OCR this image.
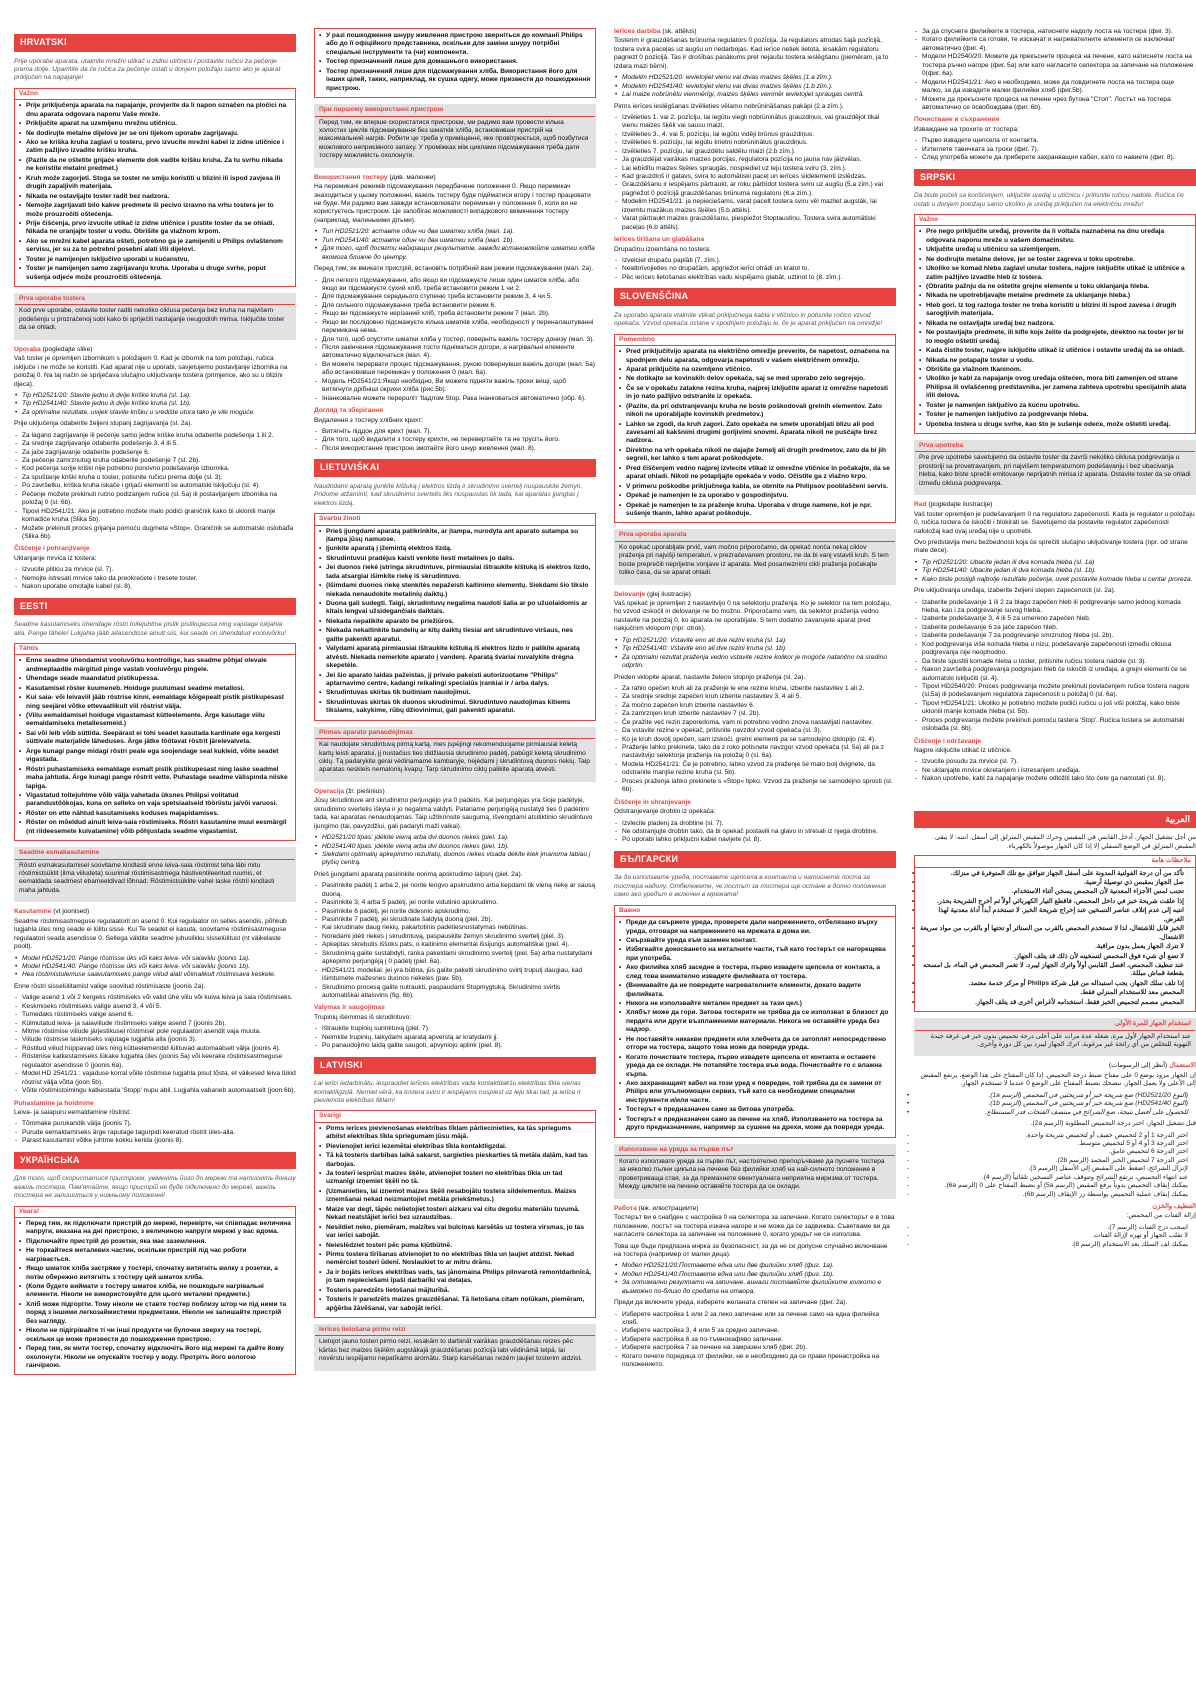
HRVATSKI

Prije uporabe aparata, utaknite mrežni utikač u zidnu utičnicu i postavite ručicu za pečenje prema dolje. Upamtite da će ručica za pečenje ostati u donjem položaju samo ako je aparat priključen na napajanje!

Važno
• Prije priključenja aparata na napajanje, provjerite da li napon označen na pločici na dnu aparata odgovara naponu Vaše mreže.
• Priključite aparat na uzemljenu mrežnu utičnicu.
• Ne dodirujte metalne dijelove jer se oni tijekom uporabe zagrijavaju.
• Ako se kriška kruha zaglavi u tosteru, prvo izvucite mrežni kabel iz zidne utičnice i zatim pažljivo izvadite krišku kruha.
• (Pazite da ne oštetite grijaće elemente dok vadite krišku kruha. Za tu svrhu nikada ne koristite metalni predmet.)
• Kruh može zagorjeti. Stoga se toster ne smiju koristiti u blizini ili ispod zavjesa ili drugih zapaljivih materijala.
• Nikada ne ostavljajte toster radit bez nadzora.
• Nemojte zagrijavati bilo kakve predmete ili pecivo izravno na vrhu tostera jer to može prouzročiti oštećenja.
• Prije čišćenja, prvo izvucite utikač iz zidne utičnice i pustite toster da se ohladi. Nikada ne uranjajte toster u vodu. Obrišite ga vlažnom krpom.
• Ako se mrežni kabel aparata ošteti, potrebno ga je zamijeniti u Philips ovlaštenom servisu, jer su za to potrebni posebni alati i/ili dijelovi.
• Toster je namijenjen isključivo uporabi u kućanstvu.
• Toster je namijenjen samo zagrijavanju kruha. Uporaba u druge svrhe, poput sušenja odjeće može prouzročiti oštećenja.
Prva uporaba tostera

Kod prve uporabe, ostavite toster raditi nekoliko ciklusa pečenja bez kruha na najvišem podešenju u prozračenoj sobi kako bi spriječili nastajanje neugodnih mirisa. Isključite toster da se ohladi.

Uporaba (pogledajte slike)

Vaš toster je opremljen izbornikom s položajem 0. Kad je izbornik na tom položaju, ručica isključe i ne može se koristiti. Kad aparat nije u uporabi, savjetujemo postavljanje izbornika na položaj 0. Na taj način se spriječava slučajno uključivanje tostera (primjerice, ako su u blizini djeca).

• Tip HD2521/20: Stavite jednu ili dvije kriške kruha (sl. 1a).
• Tip HD2541/40: Stavite jednu ili dvije kriške kruha (sl. 1b).
• Za optimalne rezultate, uvijek stavite krišku u središte utora tako je vile moguće.

Prije uključenja odaberite željeni stupanj zagrijavanja (sl. 2a).

- Za lagano zagrijavanje ili pečenje samo jedne kriške kruha odaberite podešenja 1 ili 2.
- Za srednje zagrijavanje odaberite podešenje 3, 4 ili 5.
- Za jače zagrijavanje odaberite podešenje 6.
- Za pečenje zamrznutog kruha odaberite podešenje 7 (sl. 2b).
- Kod pečenja sorije kriški nije potrebno ponovno podešavanje izbornika.
- Za spuštanje kriški kruha u toster, potisnite ručicu prema dolje (sl. 3).
- Po završetku, kriška kruha iskače i grijaći elementi se automatski isključuju (sl. 4).
- Pečenje možete prekinuti ručno podizanjem ručice (sl. 5a) ili postavljanjem izbornika na položaj 0 (sl. 6b).
- Tipovi HD2541/21: Ako je potrebno možete malo podići graničnik kako bi uklonili manje komadiće kruha (Slika 5b).
- Možete prekinuti proces grijanja pomoću dugmeta »Stop«. Graničnik se automatski oslobađa (Slika 6b).
Čišćenje i pohranjivanje

Uklanjanje mrvica iz tostera:

- Izvucite pliticu za mrvice (sl. 7).
- Nemojte istresati mrvice tako da preokrećete i tresete toster.
- Nakon uporabe omotajte kabel (sl. 8).
EESTI

Seadme kasutamiseks ühendage röstri toitejuhtme pistik pistikupessa ning vajutage lukjahla alla. Pange tähele! Lukjahla jääb allasendisse ainult siis, kui seade on ühendatud vooluvõrku!

Tähtis
• Enne seadme ühendamist vooluvõrku kontrollige, kas seadme põhjal olevale andmeplaadile märgitud pinge vastab vooluvõrgu pingele.
• Ühendage seade maandatud pistikupessa.
• Kasutamisel röster kuumeneb. Hoiduge puutumast seadme metallosi.
• Kui saia- või leivaviil jääb röstrise kinni, eemaldage kõigepealt pistik pistikupesast ning seejärel võtke ettevaatlikult viil röstrist välja.
• (Viilu eemaldamisel hoiduge vigastamast küttеelemente. Ärge kasutage viilu eemaldamiseks metallesemeid.)
• Sai või leib võib süttida. Seepärast ei tohi seadet kasutada kardinate ega kergesti süttivate materjalide läheduses. Ärge jätke töötavat röstrit järelevalveta.
• Ärge kunagi pange midagi röstri peale ega soojendage seal kukleid, võite seadet vigastada.
• Röstri puhastamiseks eemaldage esmalt pistik pistikupesast ning laske seadmel maha jahtuda. Ärge kunagi pange röstrit vette. Puhastage seadme välispinda niiske lapiga.
• Vigastatud toitejuhtme võib välja vahetada üksnes Philipsi volitatud parandustöökojas, kuna on selleks on vaja spetsiaalseid tööriistu ja/või varuosi.
• Röster on ette nähtud kasutamiseks koduses majapidamises.
• Röster on mõeldud ainult leiva-saia röstimiseks. Röstri kasutamine muul eesmärgil (nt riideesemete kuivatamine) võib põhjustada seadme vigastamist.
Seadme esmakasutamine

Röstri esmakasutamisel soovitame kindlasti enne leiva-saia röstimist teha läbi mitu röstimistsüklit (ilma viiludeta) suurimal röstimisastmega hästiventileeritud ruumis, et eemaldada seadmest ebameeldivad lõhnad. Röstimistsüklite vahel laske röstril kindlasti maha jahtuda.

Kasutamine (vt joonised)

Seadme röstimisastmeguse regulaatoril on asend 0. Kui regulaator on selles asendis, põhkub lugjahla üles ning seade ei lülitu sisse. Kui Te seadet ei kasuta, soovitame röstimisastmeguse regulaatori seada asendisse 0. Sellega väldite seadme juhuslikku sisselülitust (nt väikelaste poolt).

• Model HD2521/20: Pange röstrisse üks või kaks leiva- või saiaviilu (joonis 1a).
• Model HD2541/40: Pange röstrisse üks või kaks leiva- või saiaviilu (joonis 1b).
• Hea röstimistulemuse saavutamiseks pange viilud alati võimalikult röstimisava keskele.

Enne röstri sisselülitamist valige soovitud röstimisaste (joonis 2a).

- Valige asend 1 või 2 kergeks röstimiseks või valid ühe viilu või kuiva leiva ja saia röstimiseks.
- Keskmiseks röstimiseks valige asend 3, 4 või 5.
- Tumedaks röstimiseks valige asend 6.
- Külmutatud leiva- ja saiaviilude röstimiseks valige asend 7 (joonis 2b).
- Mitme röstimise viilude järjestikusel röstimisel pole regulaatori asendit vaja muuta.
- Viilude röstrisse laskmiseks vajutage lugjahla alla (joonis 3).
- Röstitud viilud hüppavad üles ning küttеelemendid lülituvad automaatselt välja (joonis 4).
- Röstimise katkestamiseks lükake lugjahla üles (joonis 5a) või keerake röstimisastmeguse regulaator asendisse 0 (joonis 6a).
- Model HD 2541/21 : vajaduse korral võite röstimise lugjahla pisut tõsta, et väikesed leiva tükid röstrist välja võtta (joon 5b).
- Võite röstimistoimingu katkestada 'Stopp' nupu abil. Lugjahla vabaneb automaatselt (joon 6b).
Puhastamine ja hoidmine

Leiva- ja saiapuru eemaldamine röstrist:

- Tõmmake purukandik välja (joonis 7).
- Purude eemaldamiseks ärge raputage tagurpidi keeratud röstrit üles-alla.
- Parast kasutamist võtke juhtme kokku kerida (joonis 8).
УКРАЇНСЬКА

Для того, щоб скористатися пристроєм, увімкніть його до мережі та натисніть донизу важіль тостера. Пам'ятайте, якщо пристрій не буде підключено до мережі, важіль тостера не залишиться у нижньому положенні!

Увага!
• Перед тим, як підключати пристрій до мережі, перевірте, чи співпадає величина напруги, вказана на дні пристрою, з величиною напруги мережі у вас вдома.
• Підключайте пристрій до розетки, яка має заземлення.
• Не торкайтеся металевих частин, оскільки пристрій під час роботи нагрівається.
• Якщо шматок хліба застряже у тостері, спочатку витягніть вилку з розетки, а потім обережно витягніть з тостеру цей шматок хліба.
• (Коли будете виймати з тостеру шматок хліба, не пошкодьте нагрівальні елементи. Ніколи не використовуйте для цього металеві предмети.)
• Хліб може підгоріти. Тому ніколи не ставте тостер поблизу штор чи під ними та поряд з іншими легкозаймистими предметами. Ніколи не залишайте пристрій без нагляду.
• Ніколи не підігрівайте ті чи інші продукти чи булочки зверху на тостері, оскільки це може призвести до пошкодження пристрою.
• Перед тим, як мити тостер, спочатку відключіть його від мережі та дайте йому охолонути. Ніколи не опускайте тостер у воду. Протріть його вологою ганчіркою.
• У разі пошкодження шнуру живлення пристрою зверніться до компанії Philips або до її офіційного представника, оскільки для заміни шнуру потрібні спеціальні інструменти та (чи) компоненти.
• Тостер призначений лише для домашнього використання.
• Тостер призначений лише для підсмажування хліба. Використання його для інших цілей, таких, наприклад, як сушка одягу, може призвести до пошкодження пристрою.
При першому використанні пристрою

Перед тим, як вперше скористатися пристроєм, ми радимо вам провести кілька холостих циклів підсмажування без шматків хліба, встановивши пристрій на максимальний нагрів. Робити це треба у приміщенні, яке провітрюється, щоб позбутися можливого неприємного запаху. У проміжках між циклами підсмажування треба дати тостеру можливість охолонути.

Використання тостеру (див. малюнки)

На перемикачі режимів підсмажування передбачене положення 0. Якщо перемикач знаходиться у цьому положенні, важіль тостеру буде підйматися вгору і тостер працювати не буде. Ми радимо вам завжди встановлювати перемикач у положення 0, коли ви не користуєтесь пристроєм. Це запобігає можливості випадкового ввімкнення тостеру (наприклад, маленькими дітьми).

• Тип HD2521/20: вставте один чи два шматки хліба (мал. 1a).
• Тип HD2541/40: вставте один чи два шматки хліба (мал. 1b).
• Для того, щоб досягти найкращих результатів, завжди встановлюйте шматки хліба якомога ближче до центру.

Перед тим, як вмикати пристрій, встановіть потрібний вам режим підсмажування (мал. 2a).

- Для легкого підсмажування, або якщо ви підсмажуєте лише один шматок хліба, або якщо ви підсмажуєте сухий хліб, треба встановити режим 1 чи 2.
- Для підсмажування середнього ступеню треба встановити режим 3, 4 чи 5.
- Для сильного підсмажування треба встановити режим 6.
- Якщо ви підсмажуєте нерізаний хліб, треба встановити режим 7 (мал. 2b).
- Якщо ви послідовно підсмажуєте кілька шматків хліба, необхідності у переналаштуванні перемикача нема.
- Для того, щоб опустити шматки хліба у тостер, поверніть важіль тостеру донизу (мал. 3).
- Після закінчення підсмажування тости підніматься догори, а нагрівальні елементи автоматично відключаться (мал. 4).
- Ви можете перервати процес підсмажування, рукою повернувши важіль догори (мал. 5a) або встановивши перемикач у положення 0 (мал. 6a).
- Модель HD2541/21:Якщо необхідно, Ви можете підняти важіль трохи вищі, щоб витягнути дрібніші окрихи хліба (рис.5b).
- Ініанковалне можете перерuліт 'tlaдлом Stop. Рака інанковаться автоматично (обр. 6).
Догляд та зберігання

Видалення з тостеру хлібних крихт:

- Витягніть піддон для крихт (мал. 7).
- Для того, щоб видалити з тостеру крихти, не перевертайте та не трусіть його.
- Після використання пристрою змотайте його шнур живлення (мал. 8).
LIETUVIŠKAI

Naudodami aparatą įjunkite kištuką į elektros lizdą ir skrudinimo svertelį nuspauskite žemyn. Pridome atžamintí, kad skrudinimo svertelis liks nuspaustas tik tada, kai aparatas įjungtas į elektros lizdą.

Svarbu žinoti
• Prieš įjungdami aparatą patikrinkite, ar įtampa, nurodyta ant aparato sutampa su įtampa jūsų namuose.
• Įjunkite aparatą į įžemintą elektros lizdą.
• Skrudintuvui pradėjus kaisti venkite liesti metalines jo dalis.
• Jei duonos riekė įstringa skrudintuve, pirmiausiai ištraukite kištuką iš elektros lizdo, tada atsargiai išimkite riekę iš skrudintuvo.
• (Išimdami duonos riekę stenkitės nepažeisti kaitinimo elementų. Siekdami šio tikslo niekada nenaudokite metalinių daiktų.)
• Duona gali sudegti. Taigi, skrudintuvų negalima naudoti šalia ar po užuolaidomis ar kitais lengvai užsidegančiais daiktais.
• Niekada nepalikite aparato be priežiūros.
• Niekada nekaitinkite bandelių ar kitų daiktų tiesiai ant skrudintuvo viršaus, nes galite pakenkti aparatui.
• Valydami aparatą pirmiausiai ištraukite kištuką iš elektros lizdo ir palikite aparatą atvėsti. Niekada nemerkite aparato į vandenį. Aparatą švariai nuvalykite drėgna skepetėle.
• Jei šio aparato laidas pažeistas, jį privalo pakeisti autorizuotame "Philips" aptarnavimo centre, kadangi reikalingi specialūs įrankiai ir / arba dalys.
• Skrudintuvas skirtas tik buitiniam naudojimui.
• Skrudintuvas skirtas tik duonos skrudinimui. Skrudintuvo naudojimas kitiems tikslams, sakykime, rūbų džiovinimui, gali pakenkti aparatui.
Pirmas aparato panaudojimas

Kai naudojate skrudintuvą pirmą kartą, mes įspėjingi rekomenduojame pirmiausiai keletą kartų leisti aparatui, jį nustačius ties didžiausia skrudinimo padėtį, pabūgti keletą skrudinimo ciklų. Tą padarykite gerai vėdinamame kambaryje, nejėdami į skrudintuvą duonos riekių. Taip aparatas neskleis nemalonių kvapų. Tarp skrudinimo ciklų palikite aparatą atvėsti.

Operacija (žr. piešinius)

Jūsų skrudintuve ant skrudinimo perjungėjo yra 0 padėtis. Kai perjungėjas yra šioje padėtyje, skrudinimo svertelis iškyla ir jo negalima valdyti. Patariame perjungėją nustatyti ties 0 padėtimi tada, kai aparatas nenaudojamas. Taip užtikrinsite saugumą, išvengdami atsitiktinio skrudintuvo ijungimo (tai, pavyzdžiui, gali padaryti maži vaikai).

• HD2521/20 tipas: įdėkite vieną arba dvi duonos riekes (piel. 1a).
• HD2541/40 tipas: įdėkite vieną arba dvi duonos riekes (piel. 1b).
• Siekdami optimalių apkepinimo rezultatų, duonos riekes visada dėkite kiek įmanoma labiau į plyšių centrą.

Prieš įjungdami aparatą pasirinkite norimą apskrudimo lalpsnį (piel. 2a).

- Pasirinkite padėtį 1 arba 2, jei norite lengvo apskrudimo arba kepdami tik vieną riekę ar sausą duoną.
- Pasirinkite 3, 4 arba 5 padėtį, jei norite vidutinio apskrudimo.
- Pasirinkite 6 padėtį, jei norite didesnio apskrudimo.
- Pasirinkite 7 padėtį, jei skrudinate šaldytą duoną (piel. 2b).
- Kai skrudinate daug riekių, pakartotinis padėtiesnustatymas nebūtinas.
- Norėdami įdėti riekes į skrudintuvą, paspauskite žemyn skrudinimo svertelį (piel. 3).
- Apkeptas skrebutis iššoks pats, o kaitinimo elementai išsijungs automatiškai (piel. 4).
- Skrudinimą galite sustabdyti, ranka pakeldami skrudinimo svertelį (piel. 5a) arba nustatydami apkepimo perjungėją į 0 padėtį (piel. 6a).
- HD2541/21 modeliai: jei yra būtina, jūs galite pakelti skrudinimo svirtį truputį daugiau, kad išimtumėte mažesnes duonos riekeles (pav. 5b).
- Skrudinimo procesą galite nutraukti, paspaudami Stopmygtuką. Skrudinimo svirtis automatiškai atlaisvins (fig. 6b).
Valymas ir saugojimas

Trupinių išėmimas iš skrudintuvo:

- Ištraukite trupinių surinktuvą (piel. 7).
- Neimkite trupinių, laikydami aparatą apverstą ar kratydami jį.
- Po panaudojimo laidą galite saugoti, apvyniojo aplink (piel. 8).
LATVISKI

Lai ierīci iedarbinātu, iespraudiet ierīces elektrības vada kontaktdakšu elektrības tīkla sienas kontaktligzdā. Ņemiet vērā, ka tostera sviru ir iespējams nospiest uz leju tikai tad, ja ierīce ir pievienota elektrības tīklam!

Svarīgi
• Pirms ierīces pievienošanas elektrības tīklam pārliecinieties, ka tās spriegums atbilst elektrības tīkla spriegumam jūsu mājā.
• Pievienojiet ierīci iezemētai elektrības tīkla kontaktligzdai.
• Tā kā tosteris darbības laikā sakarst, sargieties pieskarties tā metāla daļām, kad tas darbojas.
• Ja tosterī iesprūst maizes šķēle, atvienojiet tosteri no elektrības tīkla un tad uzmanīgi izņemiet šķēli no tā.
• (Uzmanieties, lai izņemot maizes šķēli nesabojātu tostera sildelementus. Maizes izņemšanai nekad neizmantojiet metāla priekšmetus.)
• Maize var degt, tāpēc nelietojiet tosteri aizkaru vai citu degošu materiālu tuvumā. Nekad neatstājiet ierīci bez uzraudzības.
• Nesildiet neko, piemēram, maizītes vai bulciņas karsētās uz tostera virsmas, jo tas var ierīci sabojāt.
• Neieslēdziet tosteri pēc puma kļūtbūtnē.
• Pirms tostera tīrīšanas atvienojiet to no elektrības tīkla un ļaujiet atdzist. Nekad nemērciet tosteri ūdenī. Noslaukiet to ar mitru drānu.
• Ja ir bojāts ierīces elektrības vads, tas jānomaina Philips pilnvarotā remontdarbnīcā, jo tam nepieciešami īpaši darbarīki vai detaļas.
• Tosteris paredzēts lietošanai mājturībā.
• Tosteris ir paredzēts maizes grauzdēšanai. Tā lietošana citam nolūkam, piemēram, apģērba žāvēšanai, var sabojāt ierīci.
Ierīces lietošana pirmo reizi

Lietojot jauno tosteri pirmo reizi, iesakām to darbināt vairākas grauzdēšanas reizes pēc kārtas bez maizes šķēlēm augstākajā grauzdēšanas pozīcijā labi vēdināmā telpā, lai novērstu iespējamo nepatīkamo aromātu. Starp karsēšanas reizēm ļaujiet tosterim atdzist.

Ierīces darbība (sk. attēlus)

Tosterim ir grauzdēšanas brūnuma regulators 0 pozīcija. Ja regulators atrodas šajā pozīcijā, tostera svira paceļas uz augšu un nedarbojas. Kad ierīce netiek lietota, iesakām regulatoru pagriezt 0 pozīcijā. Tas ir drošības pasākums pret nejaušu tostera ieslēgšanu (piemēram, ja to izdara mazi bērni).

• Modelim HD2521/20: ievietojiet vienu vai divas maizes šķēles (1.a zīm.).
• Modelim HD2541/40: ievietojiet vienu vai divas maizes šķēles (1.b zīm.).
• Lai maize nobrūnētu vienmērīgi, maizes šķēles vienmēr ievietojiet spraugas centrā.

Pirms ierīces ieslēgšanas izvēlieties vēlamo nobrūnināšanas pakāpi (2.a zīm.).

- Izvēlieties 1. vai 2. pozīciju, lai iegūtu viegli nobrūninātus grauzdiņus, vai grauzdējot tikai vienu maizes šķēli vai sausu maizi.
- Izvēlieties 3., 4. vai 5. pozīciju, lai iegūtu vidēji brūnus grauzdiņus.
- Izvēlieties 6. pozīciju, lai iegūtu krietni nobrūninātus grauzdiņus.
- Izvēlieties 7. pozīciju, lai grauzdētu saldētu maizi (2.b zīm.).
- Ja grauzdējat vairākas maizes porcijas, regulatora pozīcija no jauna nav jāizvēlas.
- Lai iebīdītu maizes šķēles spraugās, nospiediet uz leju tostera sviru (3. zīm.).
- Kad grauzdiņš ir gatavs, svira to automātiski paceļ un ierīces sildelementi izslēdzas.
- Grauzdēšanu ir iespējams pārtraukt, ar roku pārbīdot tostera sviru uz augšu (5.a zīm.) vai pagriežot 0 pozīcijā grauzdēšanas brūnuma regulatoru (6.a zīm.).
- Modelim HD2541/21: ja nepieciešams, varat pacelt tostera sviru vēl mazliet augstāk, lai izņemtu mazākus maizes šķēles (5.b attēls).
- Varat pārtraukt maizes grauzdēšanu, piespiežot Stoptaustiņu. Tostera svira automātiski paceļas (6.b attēls).
Ierīces tīrīšana un glabāšana

Drupačiņu izņemšana no tostera:

- Izvelciet drupaču paplāti (7. zīm.).
- Neatbrīvojieties no drupačām, apgriežot ierīci otrādi un kratot to.
- Pēc ierīces lietošanas elektrības vadu iespējams glabāt, uztinot to (8. zīm.).
SLOVENŠČINA

Za uporabo aparata vtaknite vtikač priključnega kabla v vtičnico in potisnite ročico vzvod opekača. Vzvod opekača ostane v spodnjem položaju le, če je aparat priključen na omrežje!

Pomembno
• Pred priključitvijo aparata na električno omrežje preverite, če napetost, označena na spodnjem delu aparata, odgovarja napetosti v vašem električnem omrežju.
• Aparat priključite na ozemljeno vtičnico.
• Ne dotikajte se kovinskih delov opekača, saj se med uporabo zelo segrejejo.
• Če se v opekaču zatakne rezina kruha, najprej izključite aparat iz omrežne napetosti in jo nato pažljivo odstranite iz opekača.
• (Pazite, da pri odstranjevanju kruha ne boste poškodovali grelnih elementov. Zato nikoli ne uporabljajte kovinskih predmetov.)
• Lahko se zgodi, da kruh zagori. Zato opekača ne smete uporabljati blizu ali pod zavesami ali kakšnimi drugimi gorljivimi snovmi. Aparata nikoli ne puščajte brez nadzora.
• Direktno na vrh opekača nikoli ne dajajte žemelj ali drugih predmetov, zato da bi jih segreli, ker lahko s tem aparat poškodujete.
• Pred čiščenjem vedno najprej izvlecite vtikač iz omrežne vtičnice in počakajte, da se aparat ohladi. Nikoli ne potapljajte opekača v vodo. Očistite ga z vlažno krpo.
• V primeru poškodbe priključnega kabla, se obrnite na Philipsov pooblaščeni servis.
• Opekač je namenjen le za uporabo v gospodinjstvu.
• Opekač je namenjen le za praženje kruha. Uporaba v druge namene, kot je npr. sušenje tkanin, lahko aparat poškoduje.
Prva uporaba aparata

Ko opekač uporabljate prvič, vam močno priporočamo, da opekač nonča nekaj ciklov praženja pri najvišji temperaturi, v prezračevanem prostoru, ne da bi vanj vstavili kruh. S tem boste preprečili neprijetne vonjave iz aparata. Med posameznimi cikli praženja počakajte toliko časa, da se aparat ohladi.

Delovanje (glej ilustracije)

Vaš opekač je opremljen z nastavitvijo 0 na selektorju praženja. Ko je selektor na tem položaju, ho vzvod izskočil in delovanje ne bo možno. Priporočamo vam, da selektor praženja vedno nastavite na položaj 0, ko aparata ne uporabljate. S tem dodatno zavarujete aparat pred nakjučnim vklopom (npr. otrok).

• Tip HD2521/20: Vstavite eno ali dve rezini kruha (sl. 1a).
• Tip HD2541/40: Vstavite eno ali dve rezini kruha (sl. 1b).
• Za optimalni rezultat praženja vedno vstavite rezine kolikor je mogoče natančno na sredino odprtin.

Preden vklopite aparat, nastavite želeno stopnjo praženja (sl. 2a).

- Za rahlo opečen kruh ali za praženje le ene rezine kruha, izberite nastavitev 1 ali 2.
- Za srednje srednje zapečen kruh izberite nastavitev 3, 4 ali 5.
- Za močno zapečen kruh izberite nastavitev 6.
- Za zamrznjen kruh izberite nastavitev 7 (sl. 2b).
- Če pražite več rezin zaporedoma, vam ni potrebno vedno znova nastavljati nastavitev.
- Da vstavite rezine v opekač, pritisnite navzdol vzvod opekača (sl. 3).
- Ko je kruh dovolj opečen, sam izskoči, grelni elementi pa se samodejno izklopijo (sl. 4).
- Praženje lahko prekinete, tako da z roko potisnete navzgor vzvod opekača (sl. 5a) ali pa z nastavitvijo selektorja praženja na položaj 0 (sl. 6a).
- Modela HD2541/21: Če je potrebno, lahko vzvod za praženje še malo bolj dvignete, da odstranite manjše rezine kruha (sl. 5b).
- Proces praženja lahko prekinete s »Stop« tipko. Vzvod za praženje se samodejno sprosti (sl. 6b).
Čiščenje in shranjevanje

Odstranjevanje drobtin iz opekača:

- Izvlecite pladenj za drobtine (sl. 7).
- Ne odstranjujte drobtin tako, da bi opekač postavili na glavo in stresali iz njega drobtine.
- Po uporabi lahko priključni kabel navijete (sl. 8).
БЪЛГАРСКИ

За да използвате уреда, поставете щепсела в контакта и натиснете лоста за тостера надолу. Отбележете, че лостът за тостера ще остане в долно положение само ако уредът е включен в мрежата!

Важно
• Преди да свържете уреда, проверете дали напрежението, отбелязано върху уреда, отговаря на напрежението на мрежата в дома ви.
• Свързвайте уреда към заземен контакт.
• Избягвайте докосването на металните части, тъй като тостерът се нагорещява при употреба.
• Ако филийка хляб заседне в тостера, първо извадете щепсела от контакта, а след това внимателно извадете филийката от тостера.
• (Внимавайте да не повредите нагревателните елементи, докато вадите филийката.
• Никога не използвайте метален предмет за тази цел.)
• Хлябът може да гори. Затова тостерите не трябва да се използват в близост до пердета или други възпламеними материали. Никога не оставяйте уреда без надзор.
• Не поставяйте никакви предмети или хлебчета да се затоплят непосредствено отгоре на тостера, защото това може да повреди уреда.
• Когато почиствате тостера, първо извадете щепсела от контакта и оставете уреда да се охлади. Не потапяйте тостера във вода. Почиствайте го с влажна кърпа.
• Ако захранващият кабел на този уред е повреден, той трябва да се замени от Philips или упълномощен сервиз, тъй като са необходими специални инструменти и/или части.
• Тостерът е предназначен само за битова употреба.
• Тостерът е предназначен само за печене на хляб. Използването на тостера за друго предназначение, например за сушене на дрехи, може да повреди уреда.
Използване на уреда за първи път

Когато използвате уреда за първи път, настоятелно препоръчваме да пуснете тостера за няколко пълни цикъла на печене без филийки хляб на най-силното положение в проветриваща стая, за да премахнете евентуалната неприятна миризма от тостера. Между циклите на печене оставяйте тостера да се охлади.

Работа (вж. илюстрациите)

Тостерът ви е снабден с настройка 0 на селектора за запичане. Когато селекторът е в това положение, лостът на тостера изкача нагоре и не може да се задвижва. Съветваме ви да нагласите селектора за запичане на положение 0, когато уредът не се използва.

Това ще бъде предпазна мярка за безопасност, за да не се допусне случайно включване на тостера (например от малки деца).

• Модел HD2521/20:Поставете една или две филийки хляб (фиг. 1a).
• Модел HD2541/40:Поставете една или две филийки хляб (фиг. 1b).
• За оптимални резултати на запичане, винаги поставяйте филийките колкото е възможно по-близо до средата на отвора.

Преди да включите уреда, изберете желаната степен на запичане (фиг. 2a).

- Изберете настройка 1 или 2 за леко запичане или за печене само на една филийка хляб.
- Изберете настройка 3, 4 или 5 за средно запичане.
- Изберете настройка 6 за по-тъмнокафяво запичане.
- Изберете настройка 7 за печене на замразен хляб (фиг. 2b).
- Когато печете поредица от филийки, не е необходимо да се прави пренастройка на положението.
- За да спуснете филийките в тостера, натиснете надолу лоста на тостера (фиг. 3).
- Когато филийките са готови, те изскачат и нагревателните елементи се изключват автоматично (фиг. 4).
- Модели HD2540/20: Можете да прекъснете процеса на печене, като натиснете лоста на тостера ръчно нагоре (фиг. 5a) или като нагласите селектора за запичане на положение 0(фиг. 6a).
- Модели HD2541/21: Ако е необходимо, може да повдигнете лоста на тостера още малко, за да извадите малки филийки хляб (фиг.5b).
- Можете да прекъснете процеса на печене чрез бутона "Стоп". Лостът на тостера автоматично се освобождава (фиг. 6b).
Почистване и съхранение

Изваждане на трохите от тостера:

- Първо извадете щепсела от контакта.
- Изтеглете тавичката за трохи (фиг. 7).
- След употреба можете да приберете захранващия кабел, като го навиете (фиг. 8).
SRPSKI

Da biste počeli sa korišćenjem, uključite uredaj u utičnicu i pritisnite ručicu nadole. Ručica će ostati u donjem položaju samo ukoliko je uređaj priključen na električnu mrežu!

Važno
• Pre nego priključite uređaj, proverite da li voltaža naznačena na dnu uređaja odgovara naponu mreže u vašem domaćinstvu.
• Uključite uređaj u utičnicu sa uzemljenjem.
• Ne dodirujte metalne delove, jer se toster zagreva u toku upotrebe.
• Ukoliko se komad hleba zaglavi unutar tostera, najpre isključite utikač iz utičnice a zatim pažljivo izvadite hleb iz tostera.
• (Obratite pažnju da ne oštetite grejne elemente u toku uklanjanja hleba.
• Nikada ne upotrebljavajte metalne predmete za uklanjanje hleba.)
• Hleb gori. Iz tog razloga toster ne treba koristiti u blizini ili ispod zavesa i drugih sarogljivih materijala.
• Nikada ne ostavljajte uređaj bez nadzora.
• Ne postavljajte predmete, ili kifle koje želite da podgrejete, direktno na toster jer bi to moglo oštetiti uređaj.
• Kada čistite toster, najpre isključite utikač iz utičnice i ostavite uređaj da se ohladi.
• Nikada ne potapajte toster u vodu.
• Obrišite ga vlažnom tkaninom.
• Ukoliko je kabl za napajanje ovog uređaja oštećen, mora biti zamenjen od strane Philipsa ili ovlašćenog predstavnika, jer zamena zahteva upotrebu specijalnih alata i/ili delova.
• Toster je namenjen isključivo za kućnu upotrebu.
• Toster je namenjen isključivo za podgrevanje hleba.
• Upoteba tostera u druge svrhe, kao što je sušenje odeće, može oštetiti uređaj.
Prva upotreba

Pre prve upotrebe savetujemo da ostavite toster da završi nekoliko ciklusa podgrevanja u prostoriji sa provetravanjem, pri najvišem temperaturnom podešavanju i bez ubacivanja hleba, kako biste sprečili emitovanje neprijatnih mirisa iz aparata. Ostavite toster da se ohladi između ciklusa podgrevanja.

Rad (pogledajte ilustracije)

Vaš toster opremljen je podešavanjem 0 na regulatoru zapečenosti. Kada je regulator u položaju 0, ručica tostera će iskočiti i blokirati se. Savetujemo da postavite regulator zapečenosti nafoložaj kad ovaj uređaj nije u upotrebi.

Ovo predstavlja meru bezbednosti koja će sprečiti slučajno uključivanje tostera (npr. od strane male dece).

• Tip HD2521/20: Ubacite jedan ili dva komada hleba (sl. 1a)
• Tip HD2541/40: Ubacite jedan ili dva komada hleba (sl. 1b).
• Kako biste postigli najbolje rezultate pečenja, uvek postavite komade hleba u centar proreza.

Pre uključivanja uređaja, izaberite željeni stepen zapečenosti (sl. 2a).

- Izaberite podešavanje 1 ili 2 za blago zapečen hleb ili podgrevanje samo jednog komada hleba, kao i za podgrevanje suvog hleba.
- Izaberite podešavanje 3, 4 ili 5 za umereno zapečen hleb.
- Izaberite podešavanje 6 za jače zapečen hleb.
- Izaberite podešavanje 7 za podgrevanje smrznutog hleba (sl. 2b).
- Kod podgrevanja više komada hleba u nizu, podešavanje zapečenosti između ciklusa podgrevanja nije neophodno.
- Da biste spustili komade hleba u toster, pritisnite ručicu tostera nadole (sl. 3).
- Nakon završetka podgrevanja podgrejani hleb će iskočiti iz uređaja, a grejni elementi će se automatski isključiti (sl. 4).
- Tipovi HD2540/20: Proces podgrevanja možete prekinuti povlačenjem ručice tostera nagore (sl.5a) ili podešavanjem regulatora zapečenosti u položaj 0 (sl. 6a).
- Tipovi HD2541/21: Ukoliko je potrebno možete podići ručicu u još viši položaj, kako biste uklonili manje komade hleba (sl. 5b).
- Proces podgrevanja možete prekinuti pomoću tastera 'Stop'. Ručica tostera se automatski oslobađa (sl. 6b).
Čišćenje i održavanje

Najpre isključite utikač iz utičnice.

- Izvucite posudu za mrvice (sl. 7).
- Ne uklanjajte mrvice okretanjem i istresanjem uređaja.
- Nakon upotrebe, kabl za napajanje možete odložiti tako što ćete ga namotati (sl. 8).
العربية

من أجل تشغيل الجهاز، أدخل القابس في المقبس وحرك المقبض المنزلق إلى أسفل. انتبه: لا يبقى المقبض المنزلق في الوضع السفلي إلا إذا كان الجهاز موصولاً بالكهرباء.

ملاحظات هامة
• تأكد من أن درجة الفولتية المدونة على أسفل الجهاز تتوافق مع تلك المتوفرة في منزلك.
• صل الجهاز بمقبس ذي توصيلة أرضية.
• تجنب لمس الأجزاء المعدنية لأن المحمص يسخن أثناء الاستخدام.
• إذا علقت شريحة خبز في داخل المحمص، فاقطع التيار الكهربائي أولاً ثم أخرج الشريحة بحذر.
• انتبه إلى عدم إتلاف عناصر التسخين عند إخراج شريحة الخبز. لا تستخدم أبداً أداة معدنية لهذا الغرض.
• الخبز قابل للاشتعال، لذا لا تستخدم المحمص بالقرب من الستائر أو تحتها أو بالقرب من مواد سريعة الاشتعال.
• لا تترك الجهاز يعمل بدون مراقبة.
• لا تضع أي شيء فوق المحمص لتسخينه لأن ذلك قد يتلف الجهاز.
• عند تنظيف المحمص، افصل القابس أولاً واترك الجهاز ليبرد. لا تغمر المحمص في الماء، بل امسحه بقطعة قماش مبللة.
• إذا تلف سلك الجهاز، يجب استبداله من قبل شركة Philips أو مركز خدمة معتمد.
• المحمص معد للاستخدام المنزلي فقط.
• المحمص مصمم لتحميص الخبز فقط. استخدامه لأغراض أخرى قد يتلف الجهاز.
استخدام الجهاز للمرة الأولى

عند استخدام الجهاز لأول مرة، شغله عدة مرات على أعلى درجة تحميص بدون خبز في غرفة جيدة التهوية للتخلص من أي رائحة غير مرغوبة. اترك الجهاز ليبرد بين كل دورة وأخرى.

الاستعمال (أنظر إلى الرسومات)

إن الجهاز مزود بوضع 0 على مفتاح ضبط درجة التحميص. إذا كان المفتاح على هذا الوضع، يرتفع المقبض إلى الأعلى ولا يعمل الجهاز. ننصحك بضبط المفتاح على الوضع 0 عندما لا تستخدم الجهاز.

• (النوع HD2521/20) ضع شريحة خبز أو شريحتين في المحمص (الرسم 1a).
• (النوع HD2541/40) ضع شريحة خبز أو شريحتين في المحمص (الرسم 1b).
• للحصول على أفضل نتيجة، ضع الشرائح في منتصف الفتحات قدر المستطاع.

قبل تشغيل الجهاز، اختر درجة التحميص المطلوبة (الرسم 2a).

- اختر الدرجة 1 أو 2 لتحميص خفيف أو لتحميص شريحة واحدة.
- اختر الدرجة 3 أو 4 أو 5 لتحميص متوسط.
- اختر الدرجة 6 لتحميص غامق.
- اختر الدرجة 7 لتحميص الخبز المجمد (الرسم 2b).
- لإنزال الشرائح، اضغط على المقبض إلى الأسفل (الرسم 3).
- عند انتهاء التحميص، ترتفع الشرائح وتتوقف عناصر التسخين تلقائياً (الرسم 4).
- يمكنك إيقاف التحميص يدوياً برفع المقبض (الرسم 5a) أو بضبط المفتاح على 0 (الرسم 6a).
- يمكنك إيقاف عملية التحميص بواسطة زر الإيقاف (الرسم 6b).
التنظيف والخزن

إزالة الفتات من المحمص:

- اسحب درج الفتات (الرسم 7).
- لا تقلب الجهاز أو تهزه لإزالة الفتات.
- يمكنك لف السلك بعد الاستخدام (الرسم 8).
